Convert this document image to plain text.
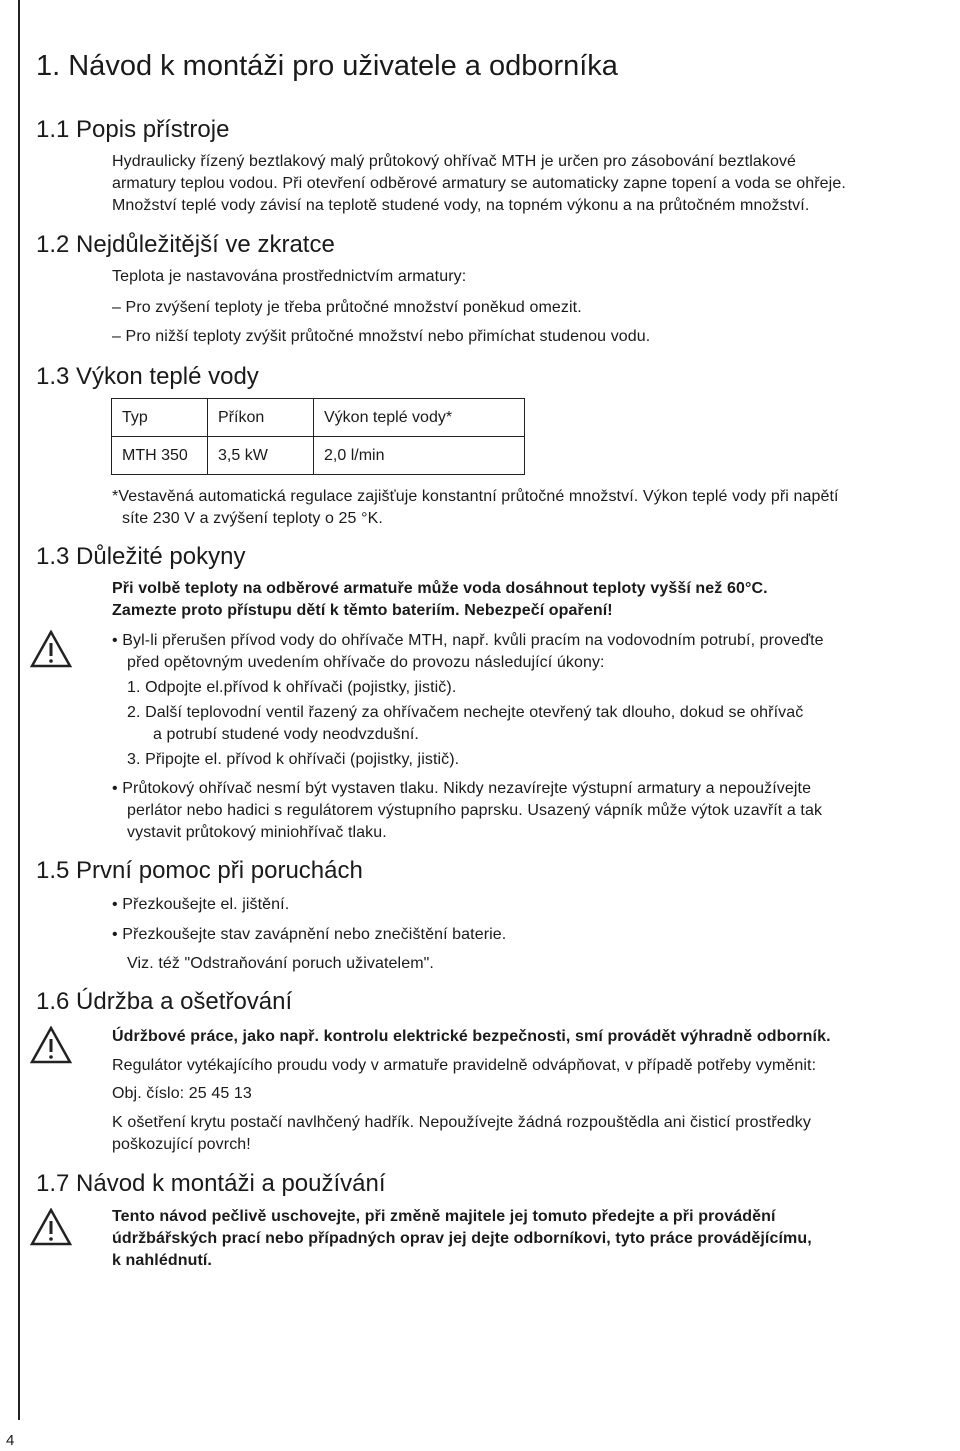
1. Návod k montáži pro uživatele a odborníka
1.1 Popis přístroje
Hydraulicky řízený beztlakový malý průtokový ohřívač MTH je určen pro zásobování beztlakové
armatury teplou vodou. Při otevření odběrové armatury se automaticky zapne topení a voda se ohřeje.
Množství teplé vody závisí na teplotě studené vody, na topném výkonu a na průtočném množství.
1.2 Nejdůležitější ve zkratce
Teplota je nastavována prostřednictvím armatury:
– Pro zvýšení teploty je třeba průtočné množství poněkud omezit.
– Pro nižší teploty zvýšit průtočné množství nebo přimíchat studenou vodu.
1.3 Výkon teplé vody
Typ	Příkon	Výkon teplé vody*
MTH 350	3,5 kW	2,0 l/min
*Vestavěná automatická regulace zajišťuje konstantní průtočné množství. Výkon teplé vody při napětí
síte 230 V a zvýšení teploty o 25 °K.
1.3 Důležité pokyny
Při volbě teploty na odběrové armatuře může voda dosáhnout teploty vyšší než 60°C.
Zamezte proto přístupu dětí k těmto bateriím. Nebezpečí opaření!
• Byl-li přerušen přívod vody do ohřívače MTH, např. kvůli pracím na vodovodním potrubí, proveďte
před opětovným uvedením ohřívače do provozu následující úkony:
1. Odpojte el.přívod k ohřívači (pojistky, jistič).
2. Další teplovodní ventil řazený za ohřívačem nechejte otevřený tak dlouho, dokud se ohřívač
a potrubí studené vody neodvzdušní.
3. Připojte el. přívod k ohřívači (pojistky, jistič).
• Průtokový ohřívač nesmí být vystaven tlaku. Nikdy nezavírejte výstupní armatury a nepoužívejte
perlátor nebo hadici s regulátorem výstupního paprsku. Usazený vápník může výtok uzavřít a tak
vystavit průtokový miniohřívač tlaku.
1.5 První pomoc při poruchách
• Přezkoušejte el. jištění.
• Přezkoušejte stav zavápnění nebo znečištění baterie.
Viz. též "Odstraňování poruch uživatelem".
1.6 Údržba a ošetřování
Údržbové práce, jako např. kontrolu elektrické bezpečnosti, smí provádět výhradně odborník.
Regulátor vytékajícího proudu vody v armatuře pravidelně odvápňovat, v případě potřeby vyměnit:
Obj. číslo: 25 45 13
K ošetření krytu postačí navlhčený hadřík. Nepoužívejte žádná rozpouštědla ani čisticí prostředky
poškozující povrch!
1.7 Návod k montáži a používání
Tento návod pečlivě uschovejte, při změně majitele jej tomuto předejte a při provádění
údržbářských prací nebo případných oprav jej dejte odborníkovi, tyto práce provádějícímu,
k nahlédnutí.
4
